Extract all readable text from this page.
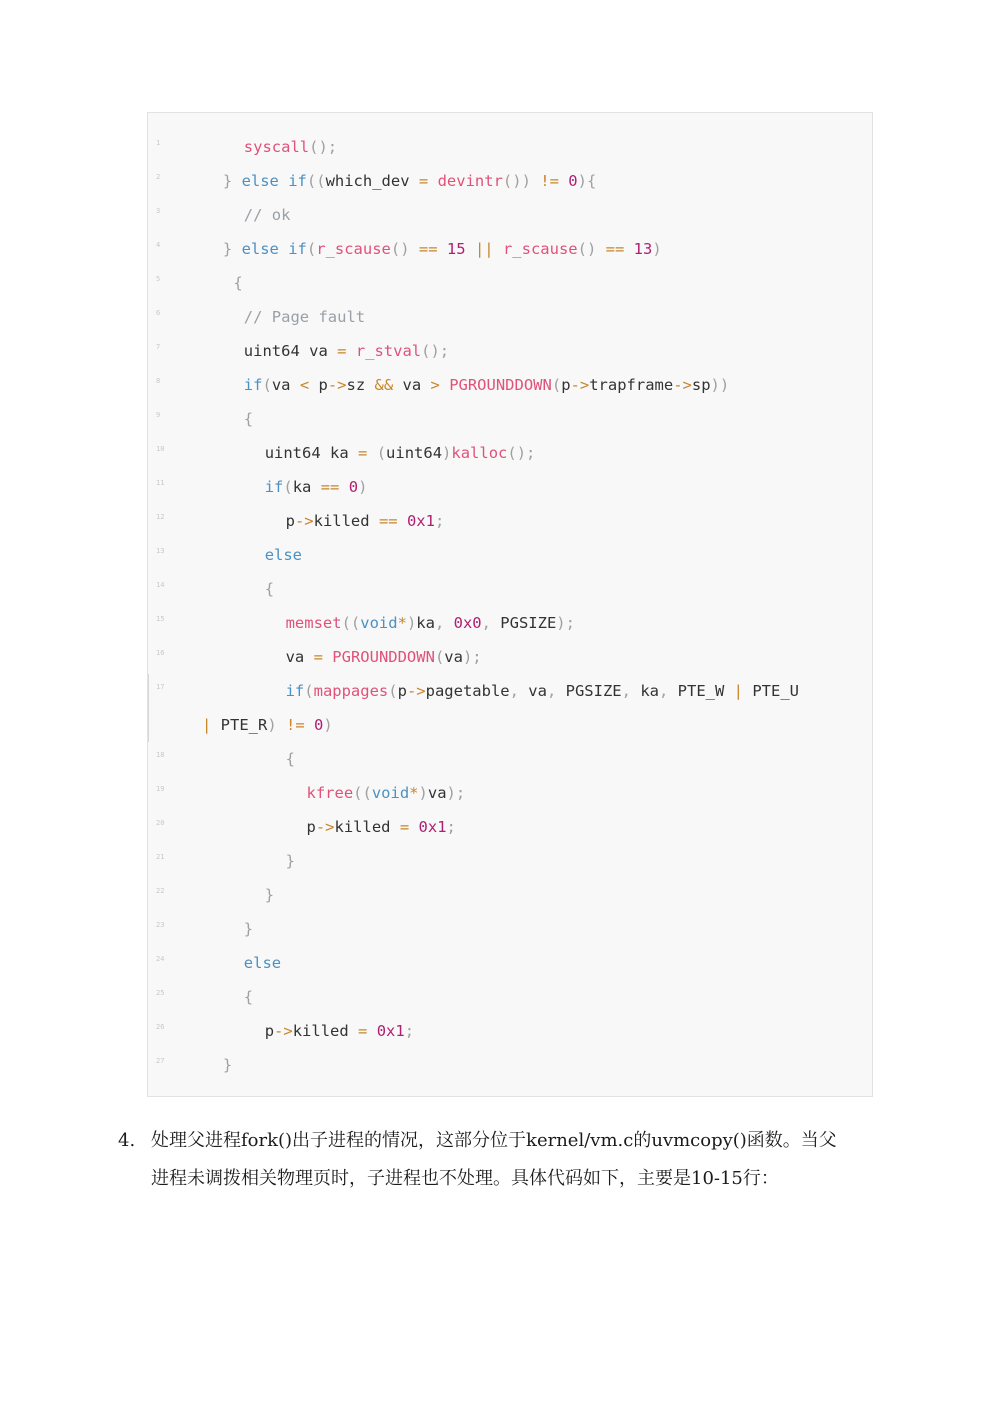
1	syscall();
2	} else if((which_dev = devintr()) != 0){
3	// ok
4	} else if(r_scause() == 15 || r_scause() == 13)
5	{
6	// Page fault
7	uint64 va = r_stval();
8	if(va < p->sz && va > PGROUNDDOWN(p->trapframe->sp))
9	{
10	uint64 ka = (uint64)kalloc();
11	if(ka == 0)
12	p->killed == 0x1;
13	else
14	{
15	memset((void*)ka, 0x0, PGSIZE);
16	va = PGROUNDDOWN(va);
17	if(mappages(p->pagetable, va, PGSIZE, ka, PTE_W | PTE_U
| PTE_R) != 0)
18	{
19	kfree((void*)va);
20	p->killed = 0x1;
21	}
22	}
23	}
24	else
25	{
26	p->killed = 0x1;
27	}
4. 处理父进程fork()出子进程的情况，这部分位于kernel/vm.c的uvmcopy()函数。当父
进程未调拨相关物理页时，子进程也不处理。具体代码如下，主要是10-15行：
